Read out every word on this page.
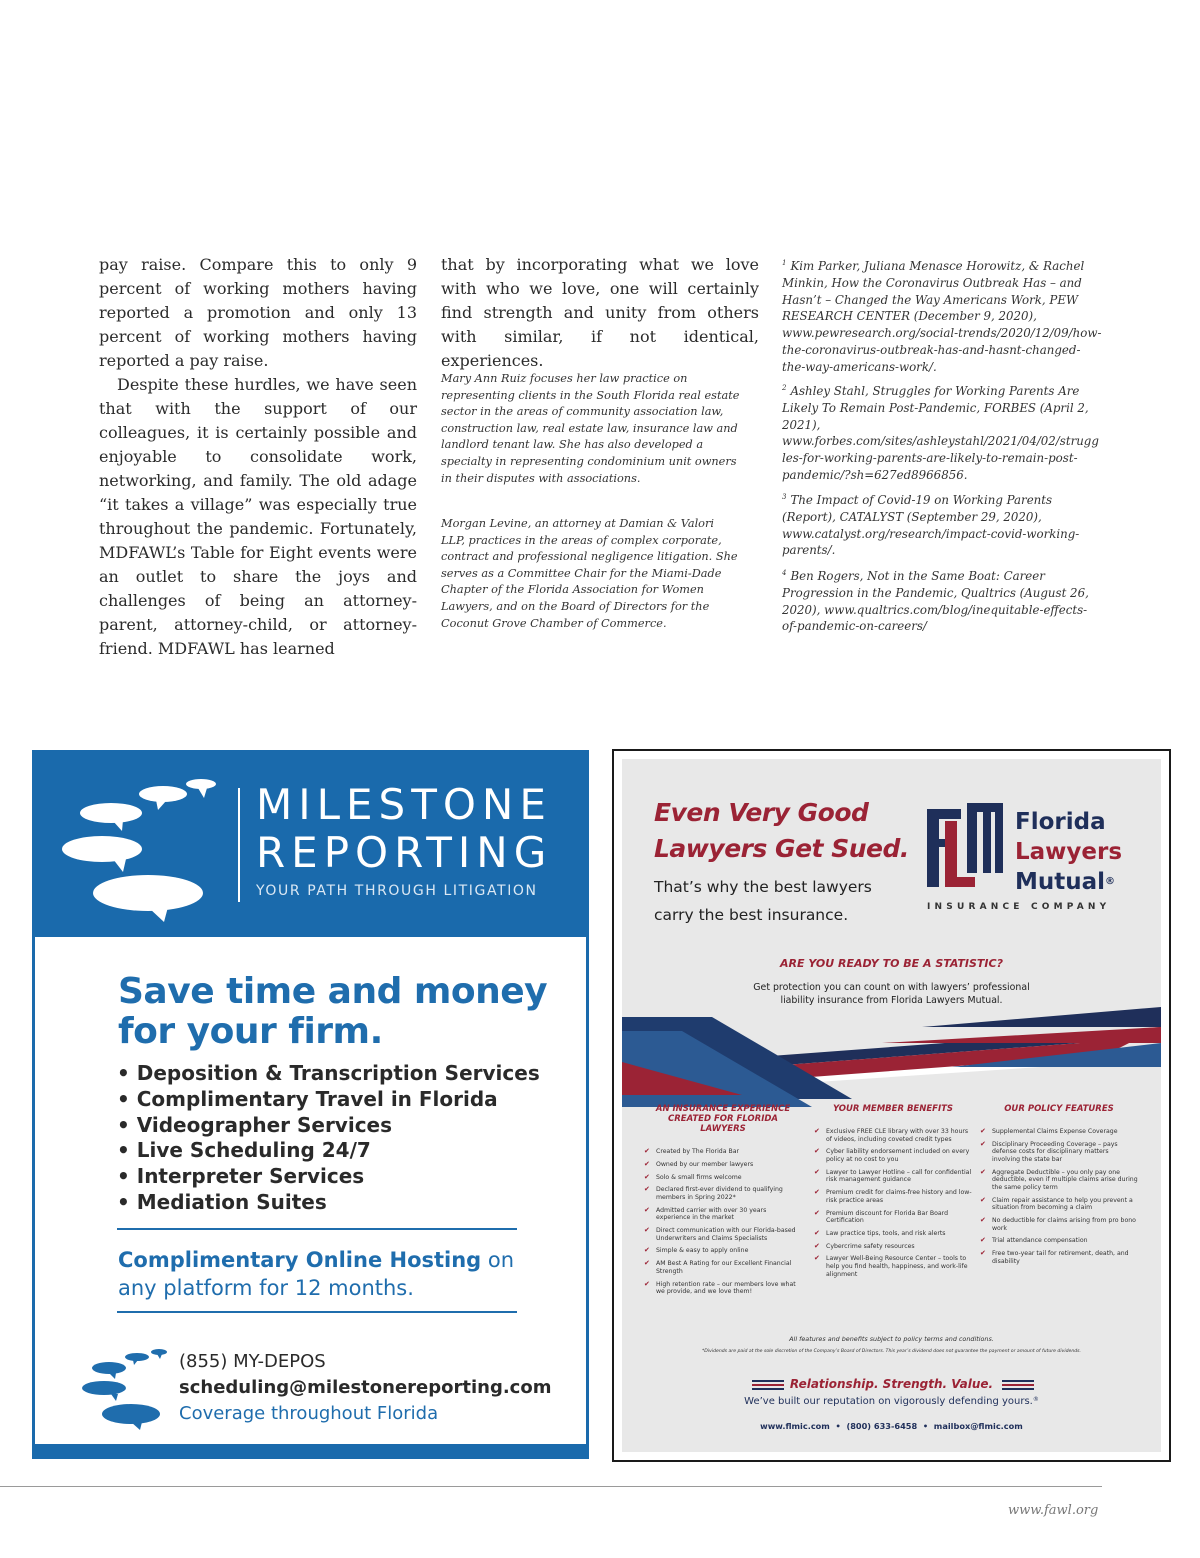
pay raise. Compare this to only 9 percent of working mothers having reported a promotion and only 13 percent of working mothers having reported a pay raise.

Despite these hurdles, we have seen that with the support of our colleagues, it is certainly possible and enjoyable to consolidate work, networking, and family. The old adage “it takes a village” was especially true throughout the pandemic. Fortunately, MDFAWL’s Table for Eight events were an outlet to share the joys and challenges of being an attorney-parent, attorney-child, or attorney-friend. MDFAWL has learned

that by incorporating what we love with who we love, one will certainly find strength and unity from others with similar, if not identical, experiences.

Mary Ann Ruiz focuses her law practice on representing clients in the South Florida real estate sector in the areas of community association law, construction law, real estate law, insurance law and landlord tenant law. She has also developed a specialty in representing condominium unit owners in their disputes with associations.

Morgan Levine, an attorney at Damian & Valori LLP, practices in the areas of complex corporate, contract and professional negligence litigation. She serves as a Committee Chair for the Miami-Dade Chapter of the Florida Association for Women Lawyers, and on the Board of Directors for the Coconut Grove Chamber of Commerce.

$^1$ Kim Parker, Juliana Menasce Horowitz, & Rachel Minkin, How the Coronavirus Outbreak Has – and Hasn’t – Changed the Way Americans Work, PEW RESEARCH CENTER (December 9, 2020), www.pewresearch.org/social-trends/2020/12/09/how-the-coronavirus-outbreak-has-and-hasnt-changed-the-way-americans-work/.

$^2$ Ashley Stahl, Struggles for Working Parents Are Likely To Remain Post-Pandemic, FORBES (April 2, 2021), www.forbes.com/sites/ashleystahl/2021/04/02/struggles-for-working-parents-are-likely-to-remain-post-pandemic/?sh=627ed8966856.

$^3$ The Impact of Covid-19 on Working Parents (Report), CATALYST (September 29, 2020), www.catalyst.org/research/impact-covid-working-parents/.

$^4$ Ben Rogers, Not in the Same Boat: Career Progression in the Pandemic, Qualtrics (August 26, 2020), www.qualtrics.com/blog/inequitable-effects-of-pandemic-on-careers/

MILESTONE
REPORTING
YOUR PATH THROUGH LITIGATION

Save time and money
for your firm.

• Deposition & Transcription Services
• Complimentary Travel in Florida
• Videographer Services
• Live Scheduling 24/7
• Interpreter Services
• Mediation Suites

Complimentary Online Hosting on
any platform for 12 months.

(855) MY-DEPOS
scheduling@milestonereporting.com
Coverage throughout Florida
Even Very Good
Lawyers Get Sued.
That’s why the best lawyers
carry the best insurance.
Florida
Lawyers
Mutual®
INSURANCE COMPANY
ARE YOU READY TO BE A STATISTIC?
Get protection you can count on with lawyers’ professional
liability insurance from Florida Lawyers Mutual.
AN INSURANCE EXPERIENCE CREATED FOR FLORIDA LAWYERS
✔ Created by The Florida Bar
✔ Owned by our member lawyers
✔ Solo & small firms welcome
✔ Declared first-ever dividend to qualifying members in Spring 2022*
✔ Admitted carrier with over 30 years experience in the market
✔ Direct communication with our Florida-based Underwriters and Claims Specialists
✔ Simple & easy to apply online
✔ AM Best A Rating for our Excellent Financial Strength
✔ High retention rate – our members love what we provide, and we love them!
YOUR MEMBER BENEFITS
✔ Exclusive FREE CLE library with over 33 hours of videos, including coveted credit types
✔ Cyber liability endorsement included on every policy at no cost to you
✔ Lawyer to Lawyer Hotline – call for confidential risk management guidance
✔ Premium credit for claims-free history and low-risk practice areas
✔ Premium discount for Florida Bar Board Certification
✔ Law practice tips, tools, and risk alerts
✔ Cybercrime safety resources
✔ Lawyer Well-Being Resource Center – tools to help you find health, happiness, and work-life alignment
OUR POLICY FEATURES
✔ Supplemental Claims Expense Coverage
✔ Disciplinary Proceeding Coverage – pays defense costs for disciplinary matters involving the state bar
✔ Aggregate Deductible – you only pay one deductible, even if multiple claims arise during the same policy term
✔ Claim repair assistance to help you prevent a situation from becoming a claim
✔ No deductible for claims arising from pro bono work
✔ Trial attendance compensation
✔ Free two-year tail for retirement, death, and disability
All features and benefits subject to policy terms and conditions.
*Dividends are paid at the sole discretion of the Company’s Board of Directors. This year’s dividend does not guarantee the payment or amount of future dividends.
Relationship. Strength. Value.
We’ve built our reputation on vigorously defending yours.®
www.flmic.com  •  (800) 633-6458  •  mailbox@flmic.com
www.fawl.org
